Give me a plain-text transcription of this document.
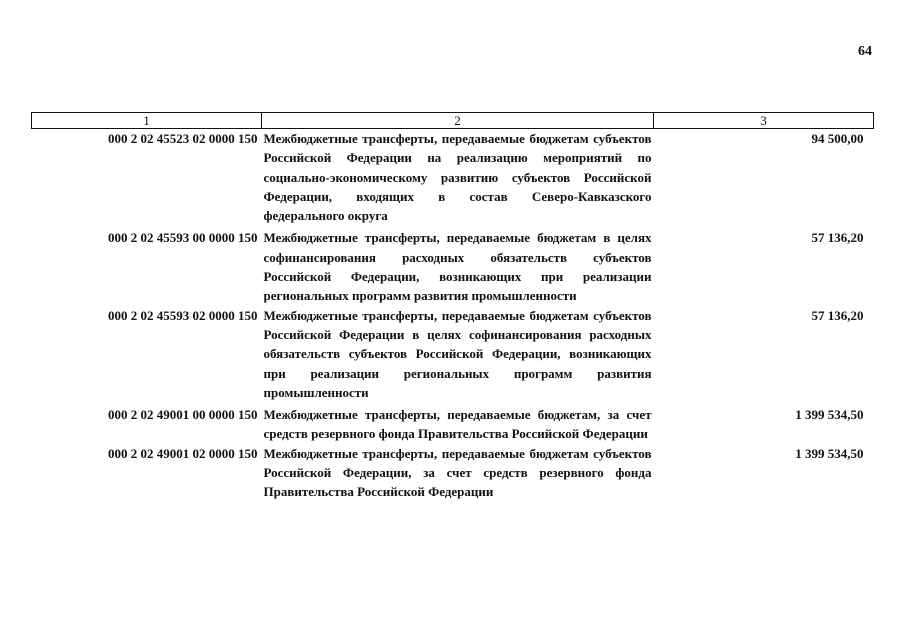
64
1	2	3
000 2 02 45523 02 0000 150	Межбюджетные трансферты, передаваемые бюджетам субъектов Российской Федерации на реализацию мероприятий по социально-экономическому развитию субъектов Российской Федерации, входящих в состав Северо-Кавказского федерального округа	94 500,00

000 2 02 45593 00 0000 150	Межбюджетные трансферты, передаваемые бюджетам в целях софинансирования расходных обязательств субъектов Российской Федерации, возникающих при реализации региональных программ развития промышленности	57 136,20
000 2 02 45593 02 0000 150	Межбюджетные трансферты, передаваемые бюджетам субъектов Российской Федерации в целях софинансирования расходных обязательств субъектов Российской Федерации, возникающих при реализации региональных программ развития промышленности	57 136,20

000 2 02 49001 00 0000 150	Межбюджетные трансферты, передаваемые бюджетам, за счет средств резервного фонда Правительства Российской Федерации	1 399 534,50
000 2 02 49001 02 0000 150	Межбюджетные трансферты, передаваемые бюджетам субъектов Российской Федерации, за счет средств резервного фонда Правительства Российской Федерации	1 399 534,50
